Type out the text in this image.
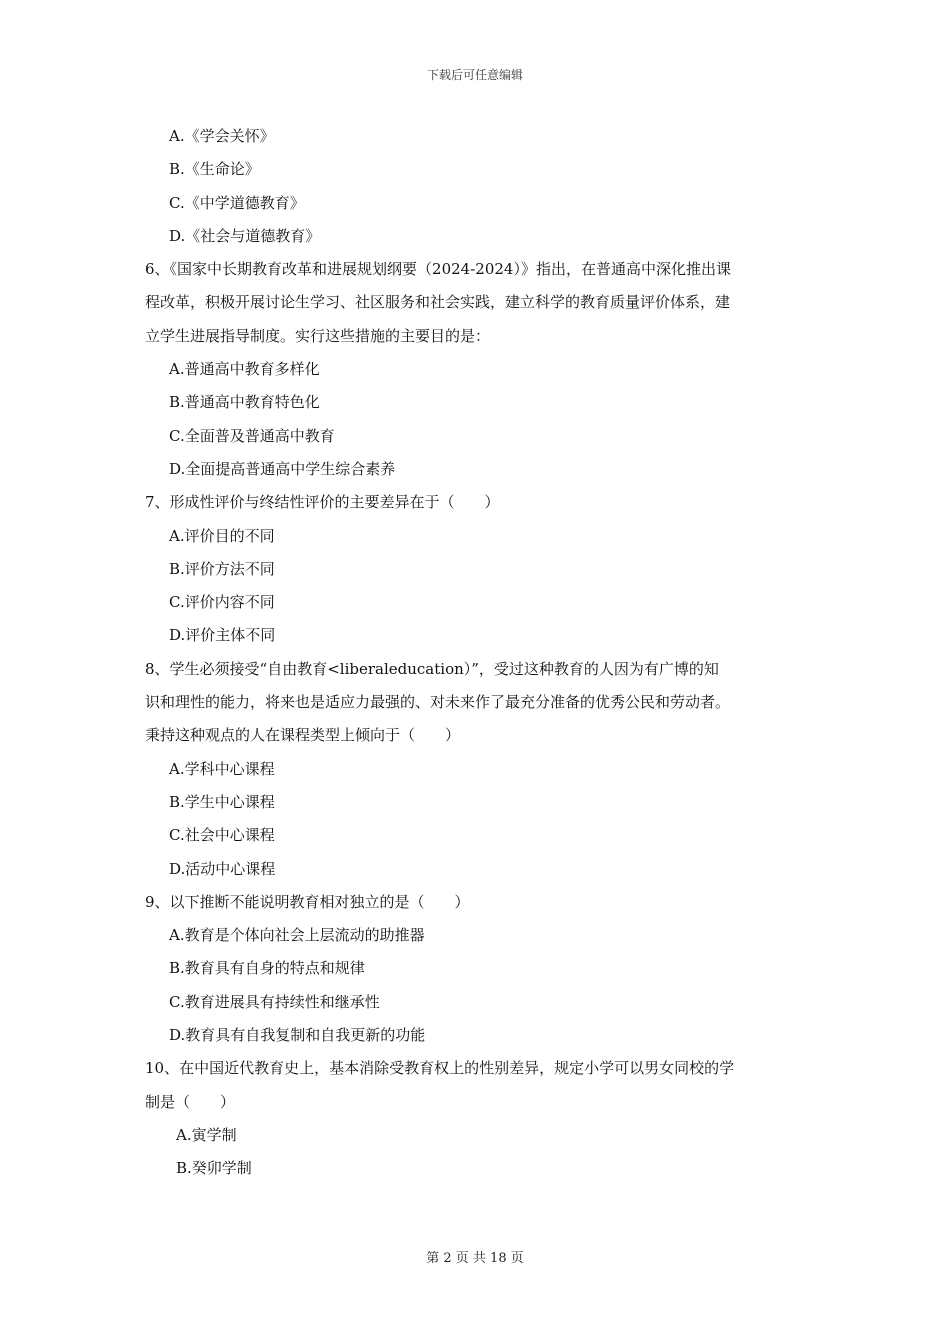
下载后可任意编辑
A.《学会关怀》
B.《生命论》
C.《中学道德教育》
D.《社会与道德教育》
6、《国家中长期教育改革和进展规划纲要（2024-2024）》指出，在普通高中深化推出课
程改革，积极开展讨论生学习、社区服务和社会实践，建立科学的教育质量评价体系，建
立学生进展指导制度。实行这些措施的主要目的是：
A.普通高中教育多样化
B.普通高中教育特色化
C.全面普及普通高中教育
D.全面提高普通高中学生综合素养
7、形成性评价与终结性评价的主要差异在于（　　）
A.评价目的不同
B.评价方法不同
C.评价内容不同
D.评价主体不同
8、学生必须接受“自由教育<liberaleducation）”，受过这种教育的人因为有广博的知
识和理性的能力，将来也是适应力最强的、对未来作了最充分准备的优秀公民和劳动者。
秉持这种观点的人在课程类型上倾向于（　　）
A.学科中心课程
B.学生中心课程
C.社会中心课程
D.活动中心课程
9、以下推断不能说明教育相对独立的是（　　）
A.教育是个体向社会上层流动的助推器
B.教育具有自身的特点和规律
C.教育进展具有持续性和继承性
D.教育具有自我复制和自我更新的功能
10、在中国近代教育史上，基本消除受教育权上的性别差异，规定小学可以男女同校的学
制是（　　）
A.寅学制
B.癸卯学制
第 2 页 共 18 页
